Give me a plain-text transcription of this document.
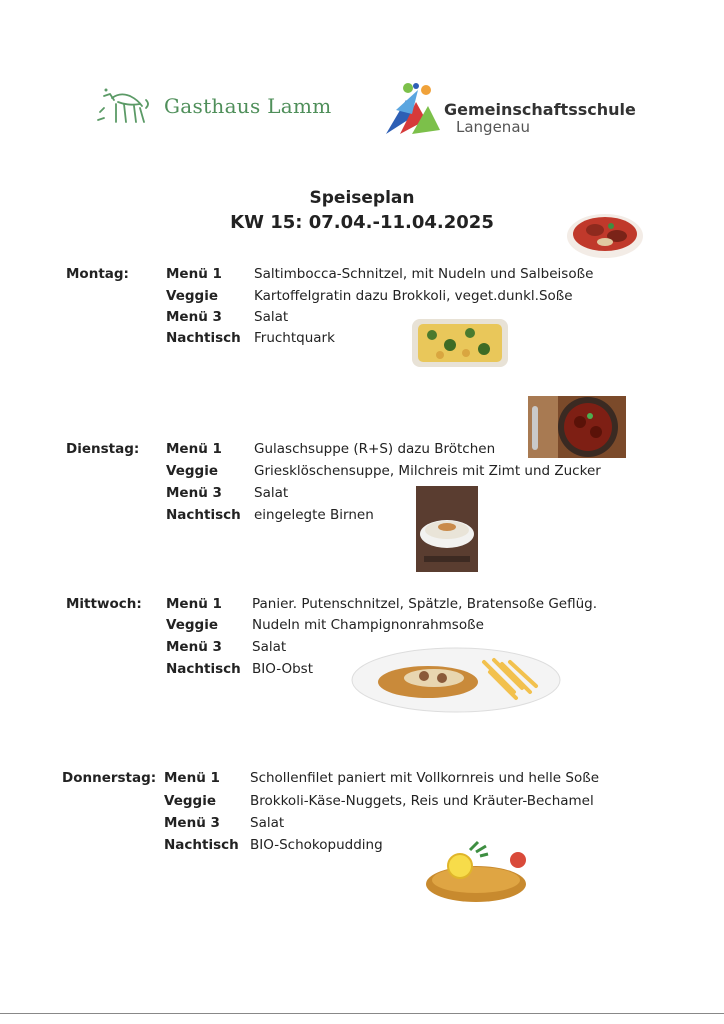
Gasthaus Lamm	Gemeinschaftsschule
Langenau
Speiseplan
KW 15: 07.04.-11.04.2025
Montag:	Menü 1 Saltimbocca-Schnitzel, mit Nudeln und Salbeisoße
Veggie	Kartoffelgratin dazu Brokkoli, veget.dunkl.Soße
Menü 3 Salat
Nachtisch Fruchtquark
Dienstag: Menü 1 Gulaschsuppe (R+S) dazu Brötchen
Veggie	Griesklöschensuppe, Milchreis mit Zimt und Zucker
Menü 3 Salat
Nachtisch eingelegte Birnen
Mittwoch: Menü 1 Panier. Putenschnitzel, Spätzle, Bratensoße Geflüg.
Veggie	Nudeln mit Champignonrahmsoße
Menü 3 Salat
Nachtisch BIO-Obst
Donnerstag: Menü 1 Schollenfilet paniert mit Vollkornreis und helle Soße
Veggie	Brokkoli-Käse-Nuggets, Reis und Kräuter-Bechamel
Menü 3 Salat
Nachtisch BIO-Schokopudding
